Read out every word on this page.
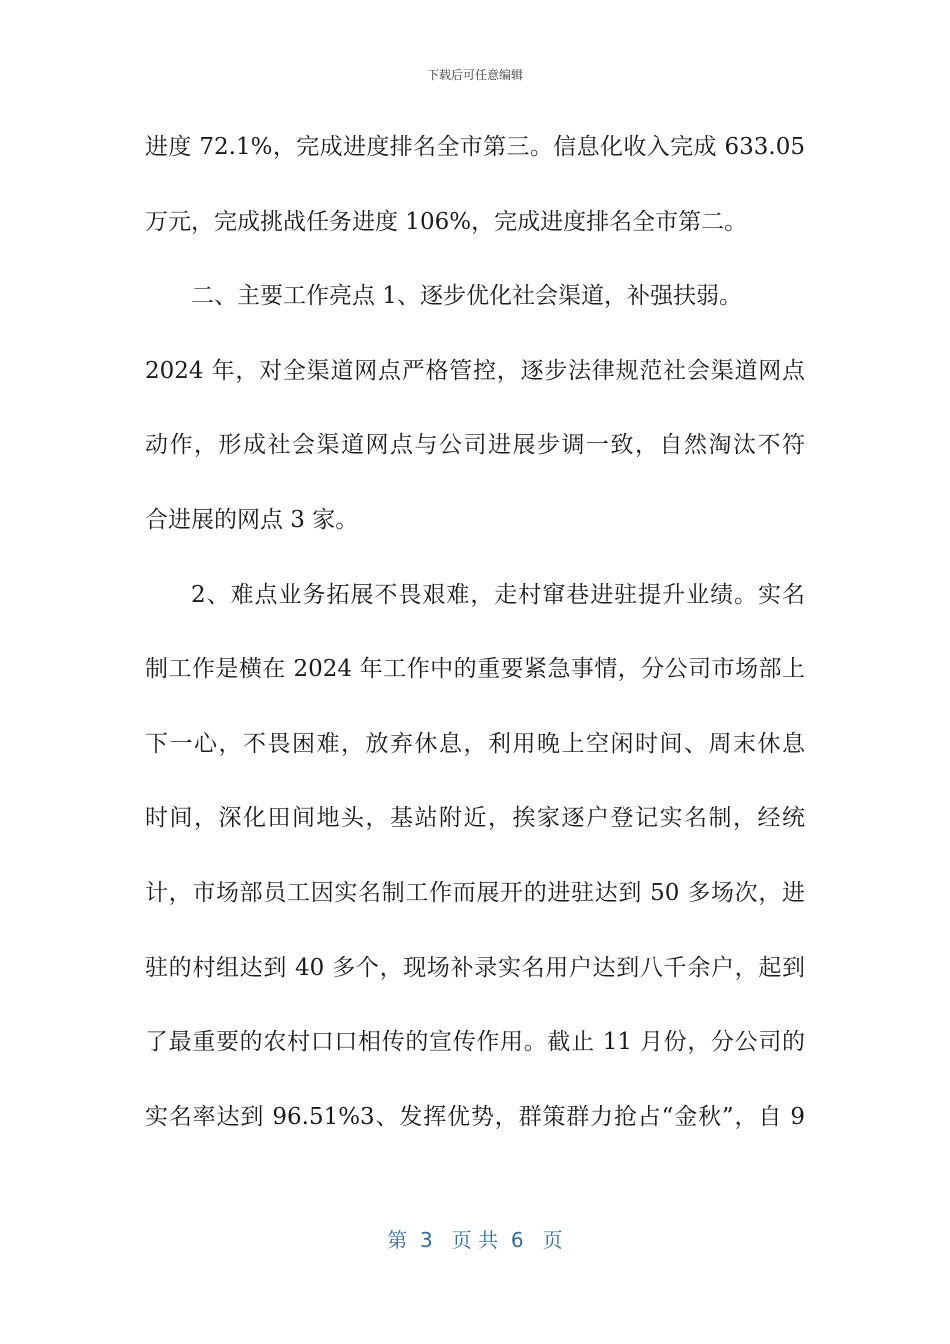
下载后可任意编辑
进度 72.1%，完成进度排名全市第三。信息化收入完成 633.05
万元，完成挑战任务进度 106%，完成进度排名全市第二。
二、主要工作亮点 1、逐步优化社会渠道，补强扶弱。
2024 年，对全渠道网点严格管控，逐步法律规范社会渠道网点
动作，形成社会渠道网点与公司进展步调一致，自然淘汰不符
合进展的网点 3 家。
2、难点业务拓展不畏艰难，走村窜巷进驻提升业绩。实名
制工作是横在 2024 年工作中的重要紧急事情，分公司市场部上
下一心，不畏困难，放弃休息，利用晚上空闲时间、周末休息
时间，深化田间地头，基站附近，挨家逐户登记实名制，经统
计，市场部员工因实名制工作而展开的进驻达到 50 多场次，进
驻的村组达到 40 多个，现场补录实名用户达到八千余户，起到
了最重要的农村口口相传的宣传作用。截止 11 月份，分公司的
实名率达到 96.51%3、发挥优势，群策群力抢占“金秋”，自 9
第  3   页 共  6   页
